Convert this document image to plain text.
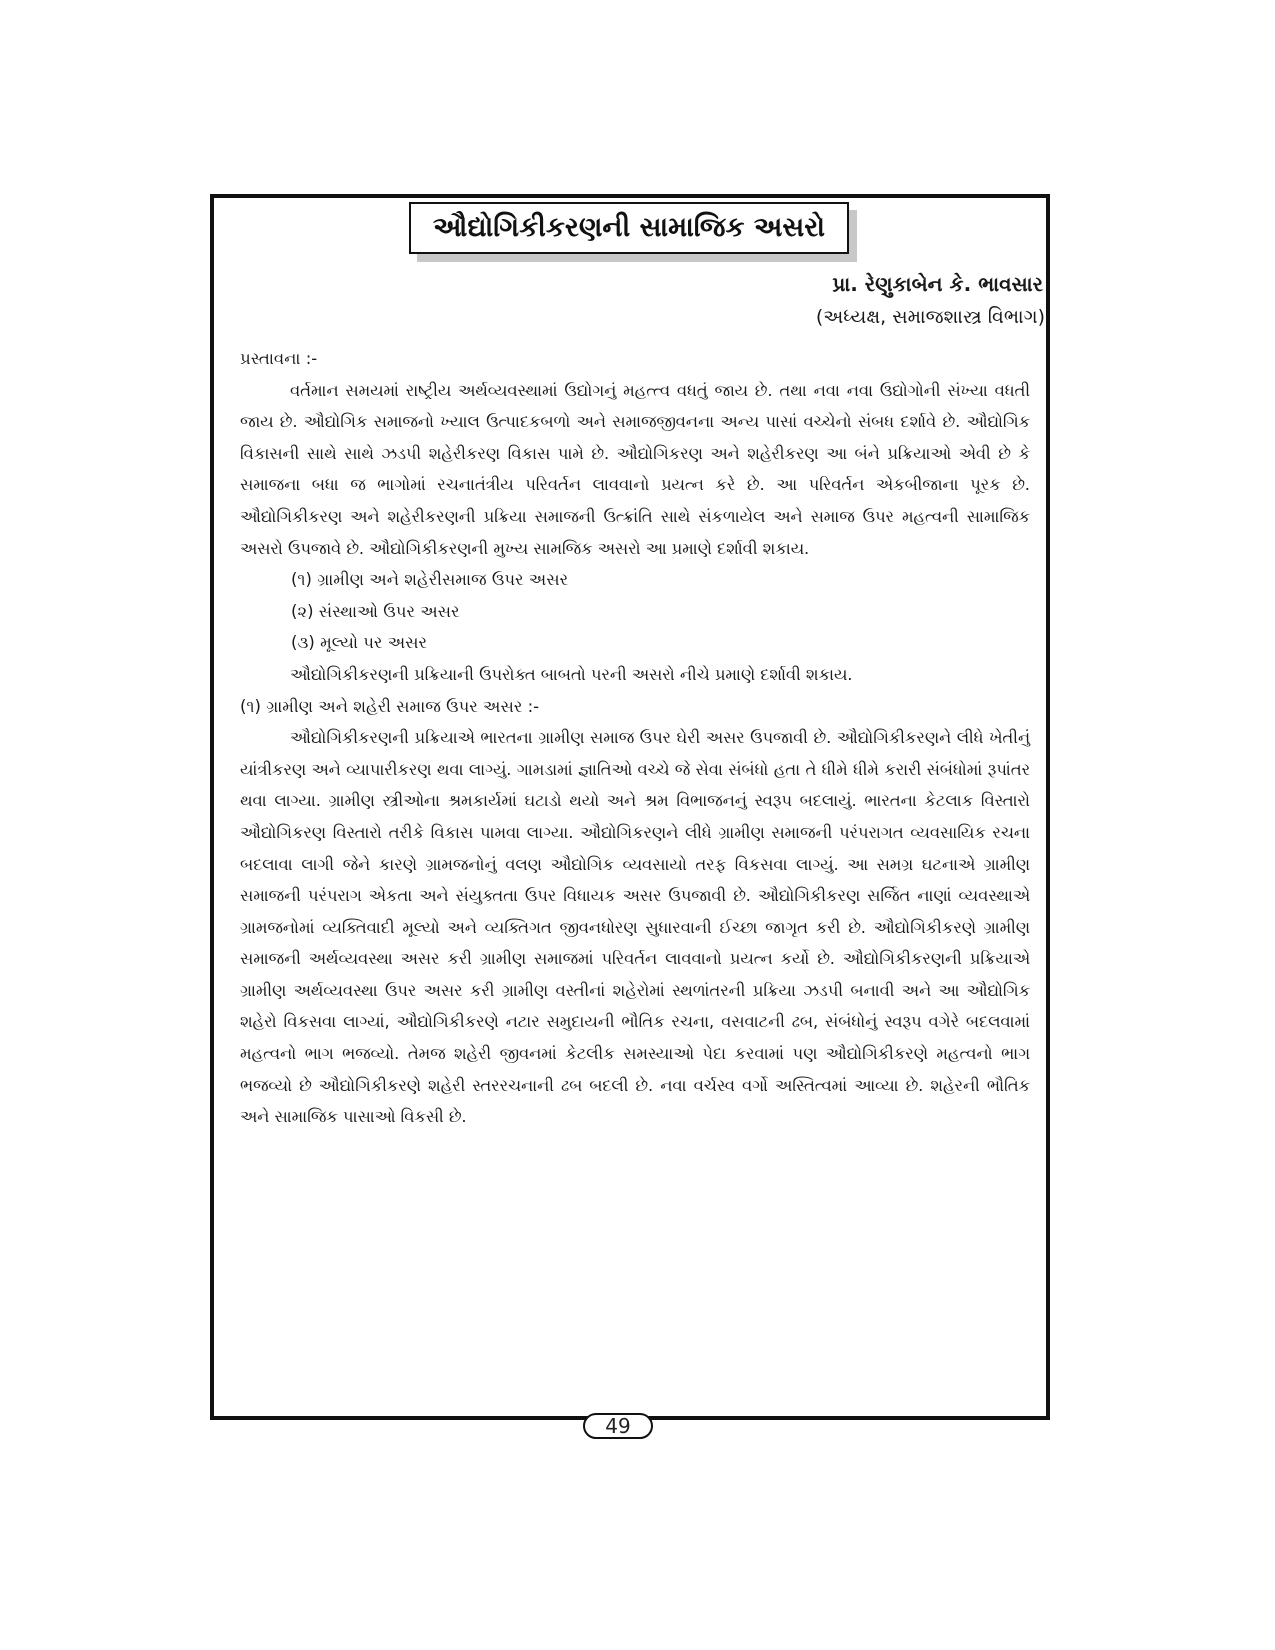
ઔદ્યોગિકીકરણની સામાજિક અસરો
પ્રા. રેણુકાબેન કે. ભાવસાર
(અધ્યક્ષ, સમાજશાસ્ત્ર વિભાગ)

પ્રસ્તાવના :-

વર્તમાન સમયમાં રાષ્ટ્રીય અર્થવ્યવસ્થામાં ઉદ્યોગનું મહત્ત્વ વધતું જાય છે. તથા નવા નવા ઉદ્યોગોની સંખ્યા વધતી જાય છે. ઔદ્યોગિક સમાજનો ખ્યાલ ઉત્પાદકબળો અને સમાજજીવનના અન્ય પાસાં વચ્ચેનો સંબધ દર્શાવે છે. ઔદ્યોગિક વિકાસની સાથે સાથે ઝડપી શહેરીકરણ વિકાસ પામે છે. ઔદ્યોગિકરણ અને શહેરીકરણ આ બંને પ્રક્રિયાઓ એવી છે કે સમાજના બધા જ ભાગોમાં રચનાતંત્રીય પરિવર્તન લાવવાનો પ્રયત્ન કરે છે. આ પરિવર્તન એકબીજાના પૂરક છે. ઔદ્યોગિકીકરણ અને શહેરીકરણની પ્રક્રિયા સમાજની ઉત્ક્રાંતિ સાથે સંકળાયેલ અને સમાજ ઉપર મહત્વની સામાજિક અસરો ઉપજાવે છે. ઔદ્યોગિકીકરણની મુખ્ય સામજિક અસરો આ પ્રમાણે દર્શાવી શકાય.

(૧) ગ્રામીણ અને શહેરીસમાજ ઉપર અસર

(૨) સંસ્થાઓ ઉપર અસર

(૩) મૂલ્યો પર અસર

ઔદ્યોગિકીકરણની પ્રક્રિયાની ઉપરોક્ત બાબતો પરની અસરો નીચે પ્રમાણે દર્શાવી શકાય.

(૧) ગ્રામીણ અને શહેરી સમાજ ઉપર અસર :-

ઔદ્યોગિકીકરણની પ્રક્રિયાએ ભારતના ગ્રામીણ સમાજ ઉપર ઘેરી અસર ઉપજાવી છે. ઔદ્યોગિકીકરણને લીધે ખેતીનું યાંત્રીકરણ અને વ્યાપારીકરણ થવા લાગ્યું. ગામડામાં જ્ઞાતિઓ વચ્ચે જે સેવા સંબંધો હતા તે ધીમે ધીમે કરારી સંબંધોમાં રૂપાંતર થવા લાગ્યા. ગ્રામીણ સ્ત્રીઓના શ્રમકાર્યમાં ઘટાડો થયો અને શ્રમ વિભાજનનું સ્વરૂપ બદલાયું. ભારતના કેટલાક વિસ્તારો ઔદ્યોગિકરણ વિસ્તારો તરીકે વિકાસ પામવા લાગ્યા. ઔદ્યોગિકરણને લીધે ગ્રામીણ સમાજની પરંપરાગત વ્યવસાયિક રચના બદલાવા લાગી જેને કારણે ગ્રામજનોનું વલણ ઔદ્યોગિક વ્યવસાયો તરફ વિકસવા લાગ્યું. આ સમગ્ર ઘટનાએ ગ્રામીણ સમાજની પરંપરાગ એકતા અને સંયુક્તતા ઉપર વિધાયક અસર ઉપજાવી છે. ઔદ્યોગિકીકરણ સર્જિત નાણાં વ્યવસ્થાએ ગ્રામજનોમાં વ્યક્તિવાદી મૂલ્યો અને વ્યક્તિગત જીવનધોરણ સુધારવાની ઈચ્છા જાગૃત કરી છે. ઔદ્યોગિકીકરણે ગ્રામીણ સમાજની અર્થવ્યવસ્થા અસર કરી ગ્રામીણ સમાજમાં પરિવર્તન લાવવાનો પ્રયત્ન કર્યો છે. ઔદ્યોગિકીકરણની પ્રક્રિયાએ ગ્રામીણ અર્થવ્યવસ્થા ઉપર અસર કરી ગ્રામીણ વસ્તીનાં શહેરોમાં સ્થળાંતરની પ્રક્રિયા ઝડપી બનાવી અને આ ઔદ્યોગિક શહેરો વિકસવા લાગ્યાં, ઔદ્યોગિકીકરણે નટાર સમુદાયની ભૌતિક રચના, વસવાટની ઢબ, સંબંધોનું સ્વરૂપ વગેરે બદલવામાં મહત્વનો ભાગ ભજવ્યો. તેમજ શહેરી જીવનમાં કેટલીક સમસ્યાઓ પેદા કરવામાં પણ ઔદ્યોગિકીકરણે મહત્વનો ભાગ ભજવ્યો છે ઔદ્યોગિકીકરણે શહેરી સ્તરરચનાની ઢબ બદલી છે. નવા વર્ચસ્વ વર્ગો અસ્તિત્વમાં આવ્યા છે. શહેરની ભૌતિક અને સામાજિક પાસાઓ વિકસી છે.

49
